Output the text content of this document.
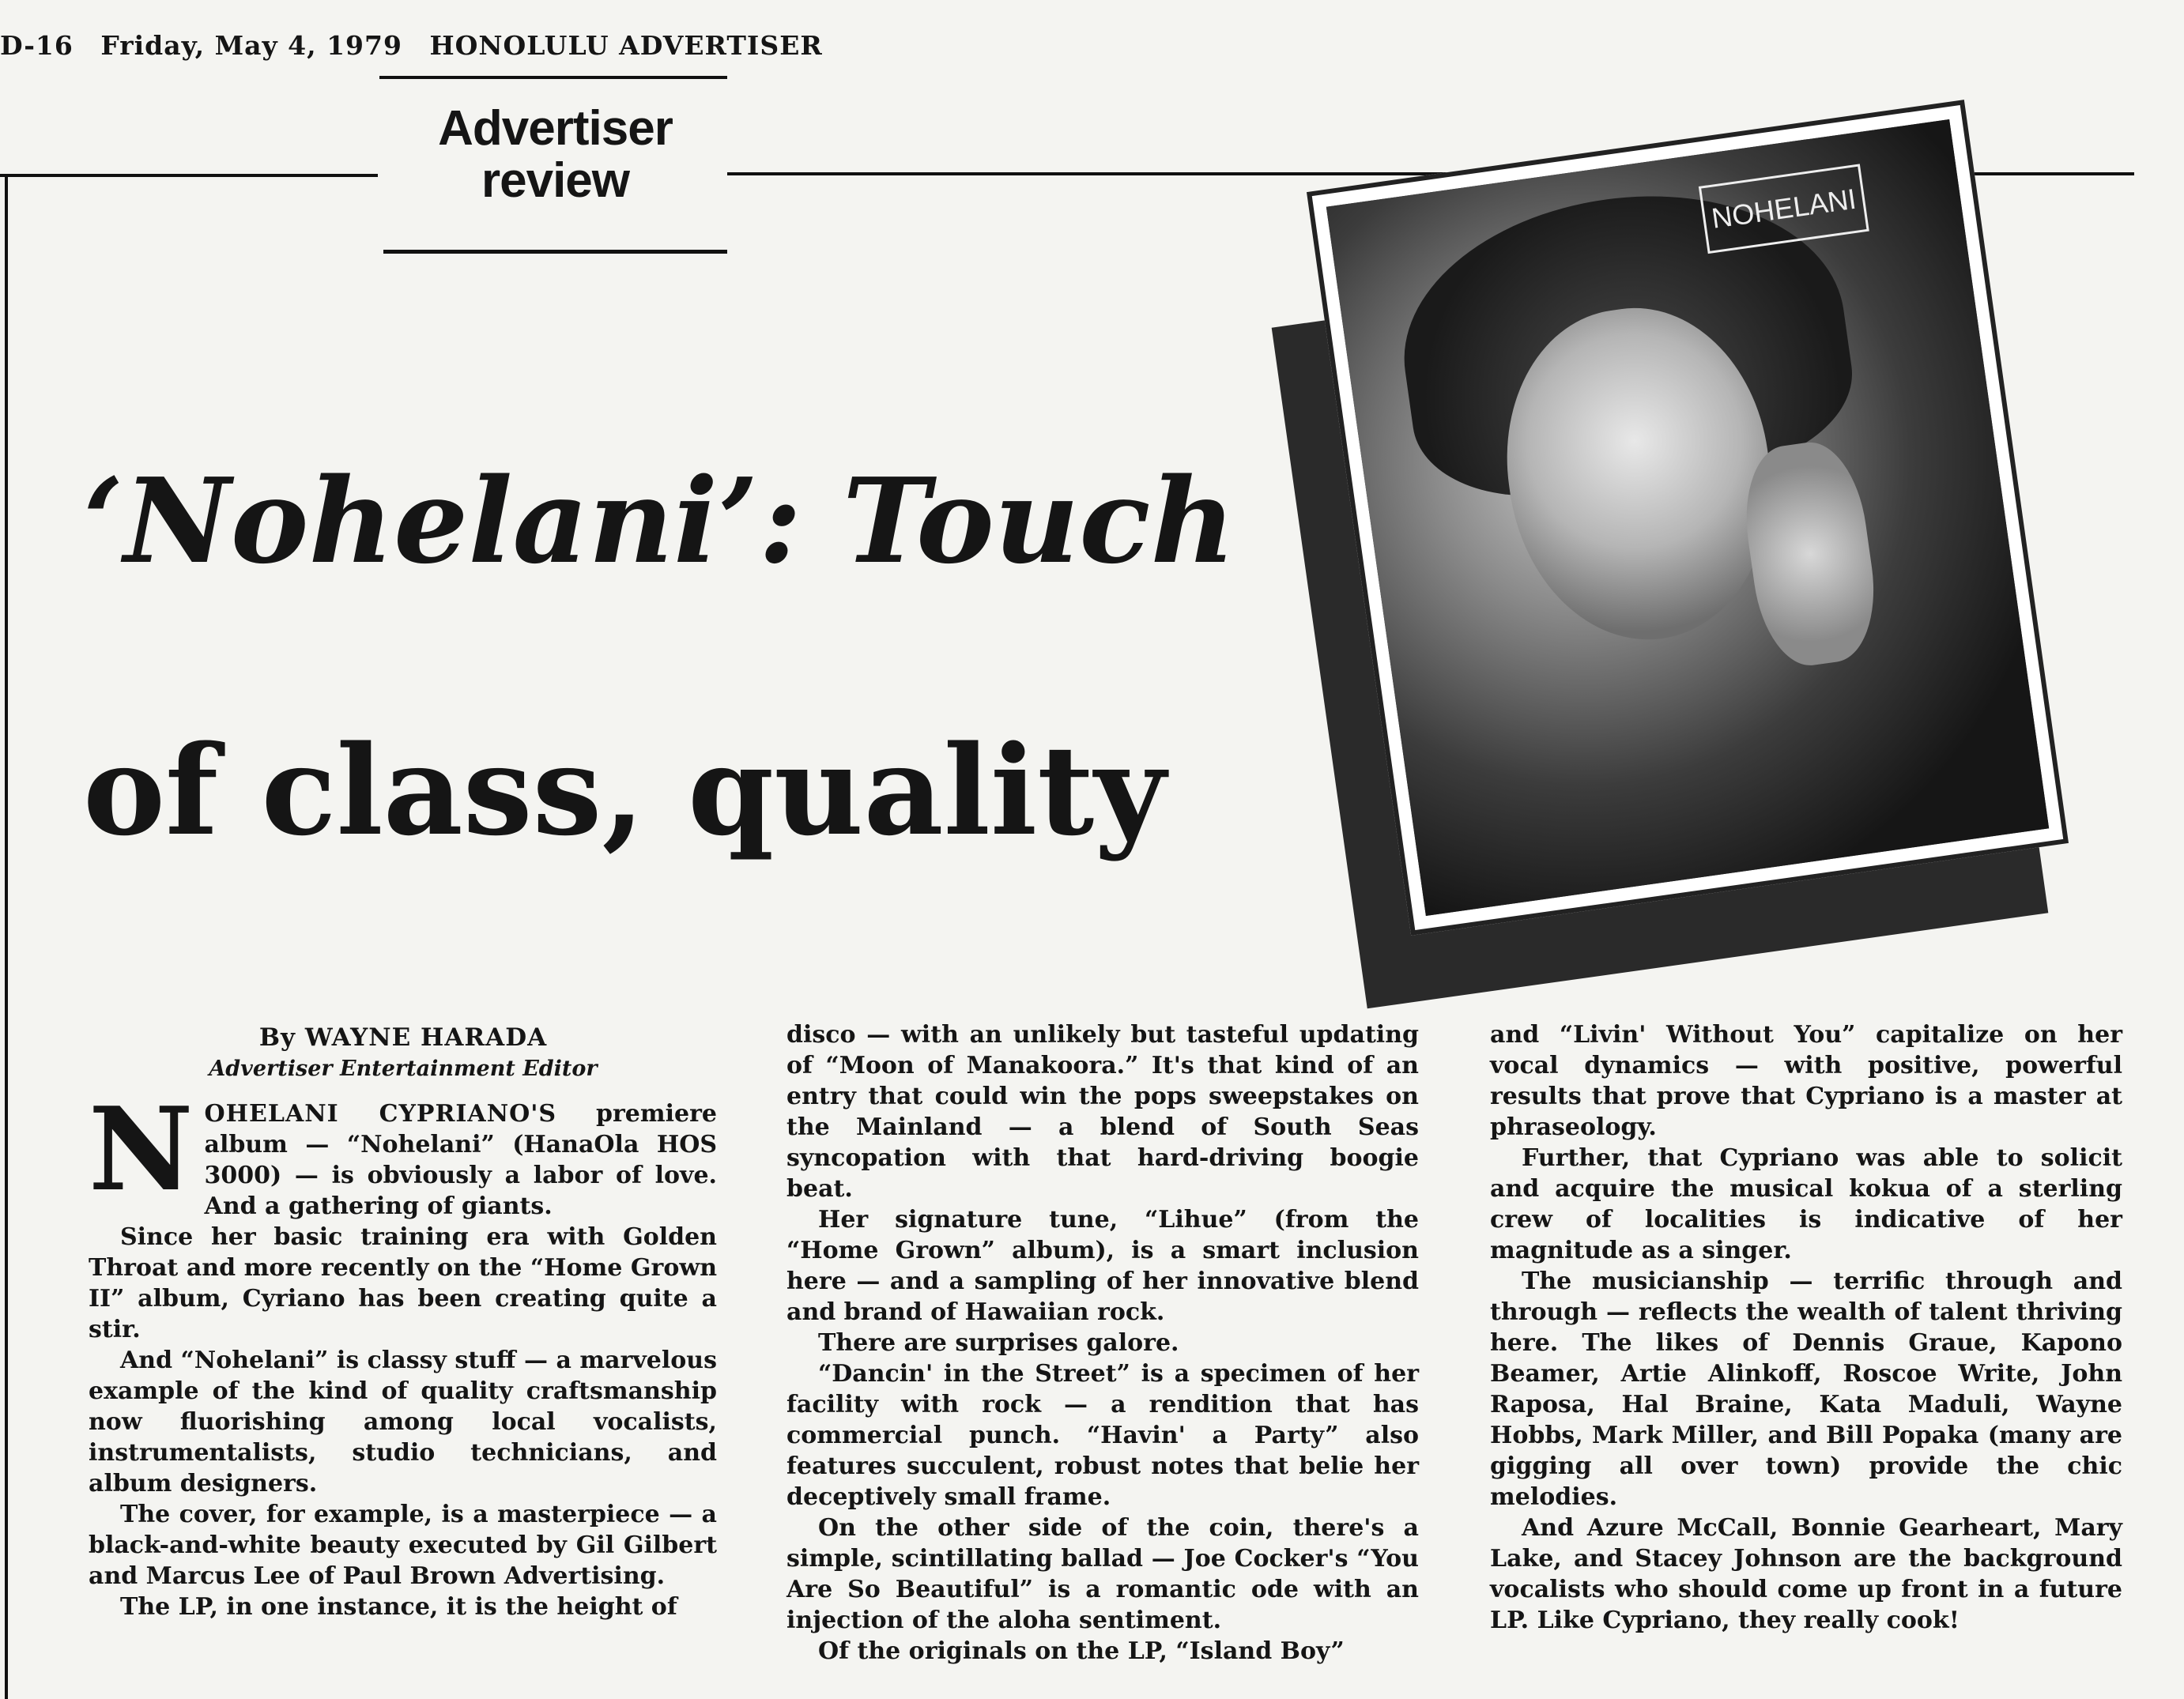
D-16 Friday, May 4, 1979 HONOLULU ADVERTISER
Advertiser
review
‘Nohelani’: Touch
of class, quality
NOHELANI
By WAYNE HARADA
Advertiser Entertainment Editor

NOHELANI CYPRIANO'S premiere album — “Nohelani” (HanaOla HOS 3000) — is obviously a labor of love. And a gathering of giants.

Since her basic training era with Golden Throat and more recently on the “Home Grown II” album, Cyriano has been creating quite a stir.

And “Nohelani” is classy stuff — a marvelous example of the kind of quality craftsmanship now fluorishing among local vocalists, instrumentalists, studio technicians, and album designers.

The cover, for example, is a masterpiece — a black-and-white beauty executed by Gil Gilbert and Marcus Lee of Paul Brown Advertising.

The LP, in one instance, it is the height of

disco — with an unlikely but tasteful updating of “Moon of Manakoora.” It's that kind of an entry that could win the pops sweepstakes on the Mainland — a blend of South Seas syncopation with that hard-driving boogie beat.

Her signature tune, “Lihue” (from the “Home Grown” album), is a smart inclusion here — and a sampling of her innovative blend and brand of Hawaiian rock.

There are surprises galore.

“Dancin' in the Street” is a specimen of her facility with rock — a rendition that has commercial punch. “Havin' a Party” also features succulent, robust notes that belie her deceptively small frame.

On the other side of the coin, there's a simple, scintillating ballad — Joe Cocker's “You Are So Beautiful” is a romantic ode with an injection of the aloha sentiment.

Of the originals on the LP, “Island Boy”

and “Livin' Without You” capitalize on her vocal dynamics — with positive, powerful results that prove that Cypriano is a master at phraseology.

Further, that Cypriano was able to solicit and acquire the musical kokua of a sterling crew of localities is indicative of her magnitude as a singer.

The musicianship — terrific through and through — reflects the wealth of talent thriving here. The likes of Dennis Graue, Kapono Beamer, Artie Alinkoff, Roscoe Write, John Raposa, Hal Braine, Kata Maduli, Wayne Hobbs, Mark Miller, and Bill Popaka (many are gigging all over town) provide the chic melodies.

And Azure McCall, Bonnie Gearheart, Mary Lake, and Stacey Johnson are the background vocalists who should come up front in a future LP. Like Cypriano, they really cook!
